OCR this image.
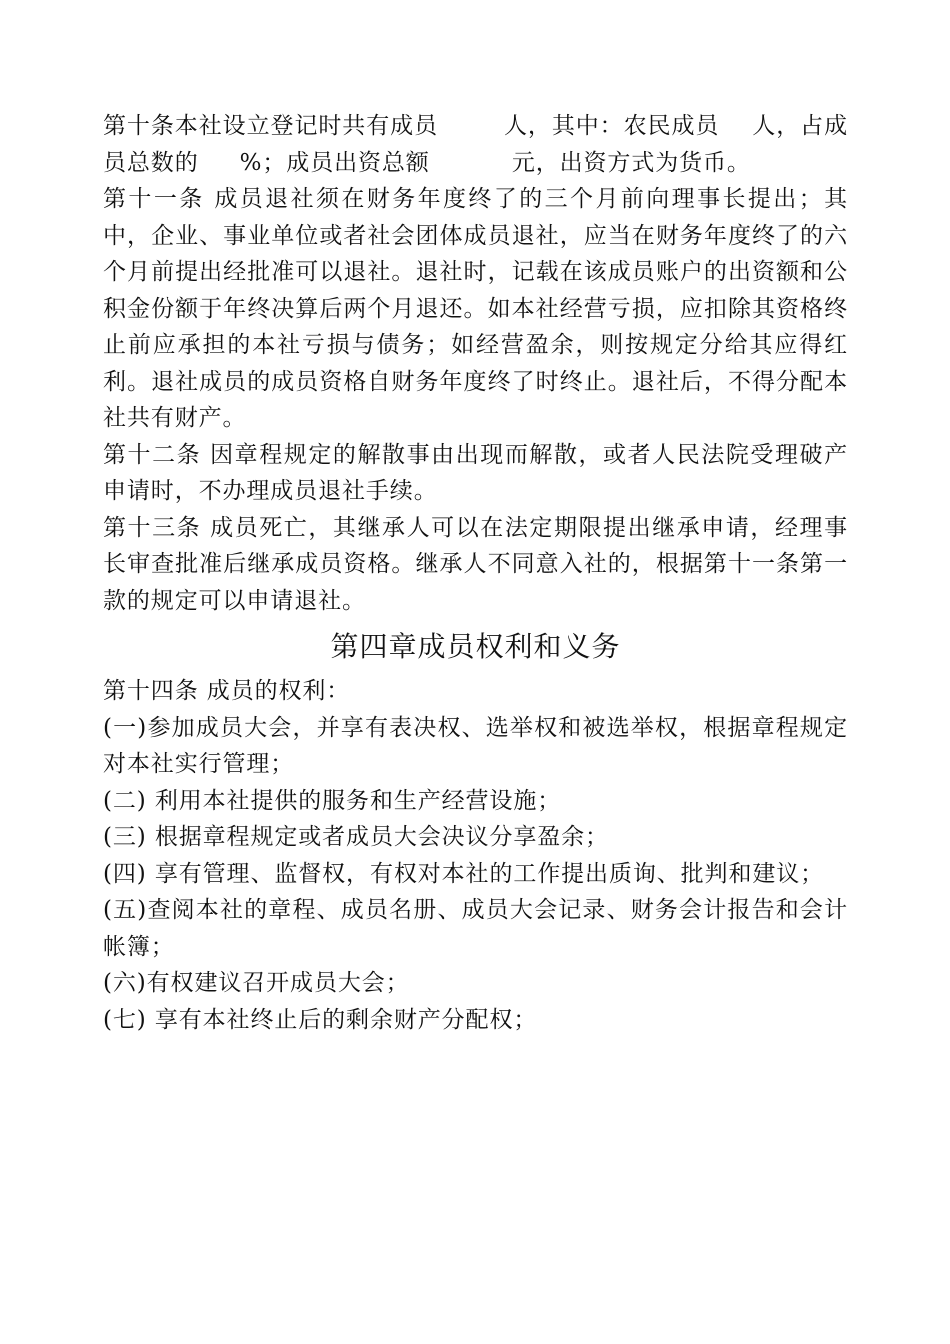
第十条本社设立登记时共有成员        人，其中：农民成员    人，占成员总数的     %；成员出资总额          元，出资方式为货币。

第十一条 成员退社须在财务年度终了的三个月前向理事长提出；其中，企业、事业单位或者社会团体成员退社，应当在财务年度终了的六个月前提出经批准可以退社。退社时，记载在该成员账户的出资额和公积金份额于年终决算后两个月退还。如本社经营亏损，应扣除其资格终止前应承担的本社亏损与债务；如经营盈余，则按规定分给其应得红利。退社成员的成员资格自财务年度终了时终止。退社后，不得分配本社共有财产。

第十二条 因章程规定的解散事由出现而解散，或者人民法院受理破产申请时，不办理成员退社手续。

第十三条 成员死亡，其继承人可以在法定期限提出继承申请，经理事长审查批准后继承成员资格。继承人不同意入社的，根据第十一条第一款的规定可以申请退社。

第四章成员权利和义务

第十四条 成员的权利：

(一)参加成员大会，并享有表决权、选举权和被选举权，根据章程规定对本社实行管理；

(二) 利用本社提供的服务和生产经营设施；

(三) 根据章程规定或者成员大会决议分享盈余；

(四) 享有管理、监督权，有权对本社的工作提出质询、批判和建议；

(五)查阅本社的章程、成员名册、成员大会记录、财务会计报告和会计帐簿；

(六)有权建议召开成员大会；

(七) 享有本社终止后的剩余财产分配权；
